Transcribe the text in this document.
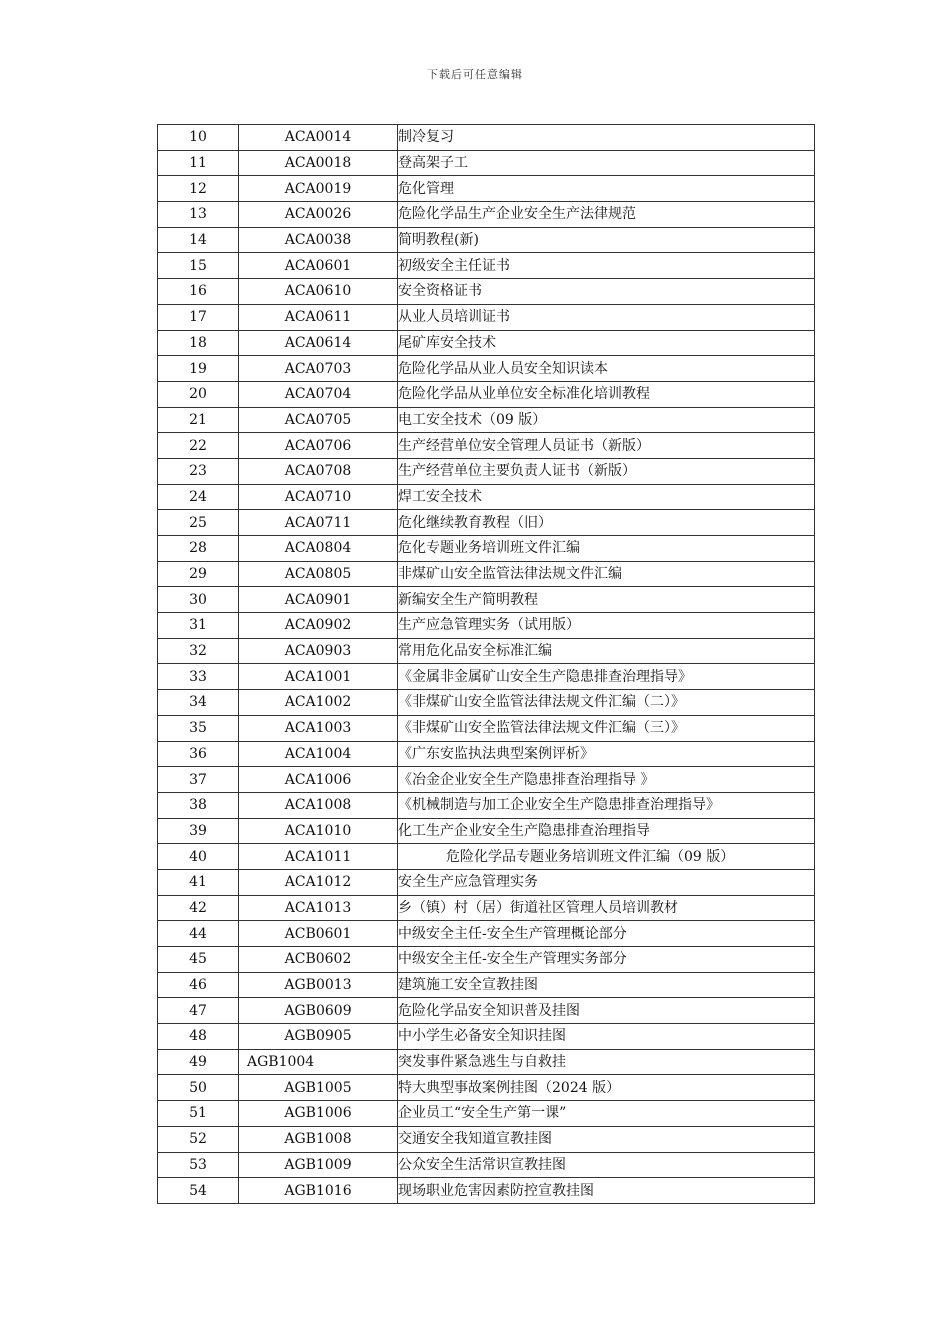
下载后可任意编辑
10	ACA0014	制冷复习
11	ACA0018	登高架子工
12	ACA0019	危化管理
13	ACA0026	危险化学品生产企业安全生产法律规范
14	ACA0038	简明教程(新)
15	ACA0601	初级安全主任证书
16	ACA0610	安全资格证书
17	ACA0611	从业人员培训证书
18	ACA0614	尾矿库安全技术
19	ACA0703	危险化学品从业人员安全知识读本
20	ACA0704	危险化学品从业单位安全标准化培训教程
21	ACA0705	电工安全技术（09 版）
22	ACA0706	生产经营单位安全管理人员证书（新版）
23	ACA0708	生产经营单位主要负责人证书（新版）
24	ACA0710	焊工安全技术
25	ACA0711	危化继续教育教程（旧）
28	ACA0804	危化专题业务培训班文件汇编
29	ACA0805	非煤矿山安全监管法律法规文件汇编
30	ACA0901	新编安全生产简明教程
31	ACA0902	生产应急管理实务（试用版）
32	ACA0903	常用危化品安全标准汇编
33	ACA1001	《金属非金属矿山安全生产隐患排查治理指导》
34	ACA1002	《非煤矿山安全监管法律法规文件汇编（二）》
35	ACA1003	《非煤矿山安全监管法律法规文件汇编（三）》
36	ACA1004	《广东安监执法典型案例评析》
37	ACA1006	《冶金企业安全生产隐患排查治理指导 》
38	ACA1008	《机械制造与加工企业安全生产隐患排查治理指导》
39	ACA1010	化工生产企业安全生产隐患排查治理指导
40	ACA1011	危险化学品专题业务培训班文件汇编（09 版）
41	ACA1012	安全生产应急管理实务
42	ACA1013	乡（镇）村（居）街道社区管理人员培训教材
44	ACB0601	中级安全主任-安全生产管理概论部分
45	ACB0602	中级安全主任-安全生产管理实务部分
46	AGB0013	建筑施工安全宣教挂图
47	AGB0609	危险化学品安全知识普及挂图
48	AGB0905	中小学生必备安全知识挂图
49	AGB1004	突发事件紧急逃生与自救挂
50	AGB1005	特大典型事故案例挂图（2024 版）
51	AGB1006	企业员工“安全生产第一课”
52	AGB1008	交通安全我知道宣教挂图
53	AGB1009	公众安全生活常识宣教挂图
54	AGB1016	现场职业危害因素防控宣教挂图
